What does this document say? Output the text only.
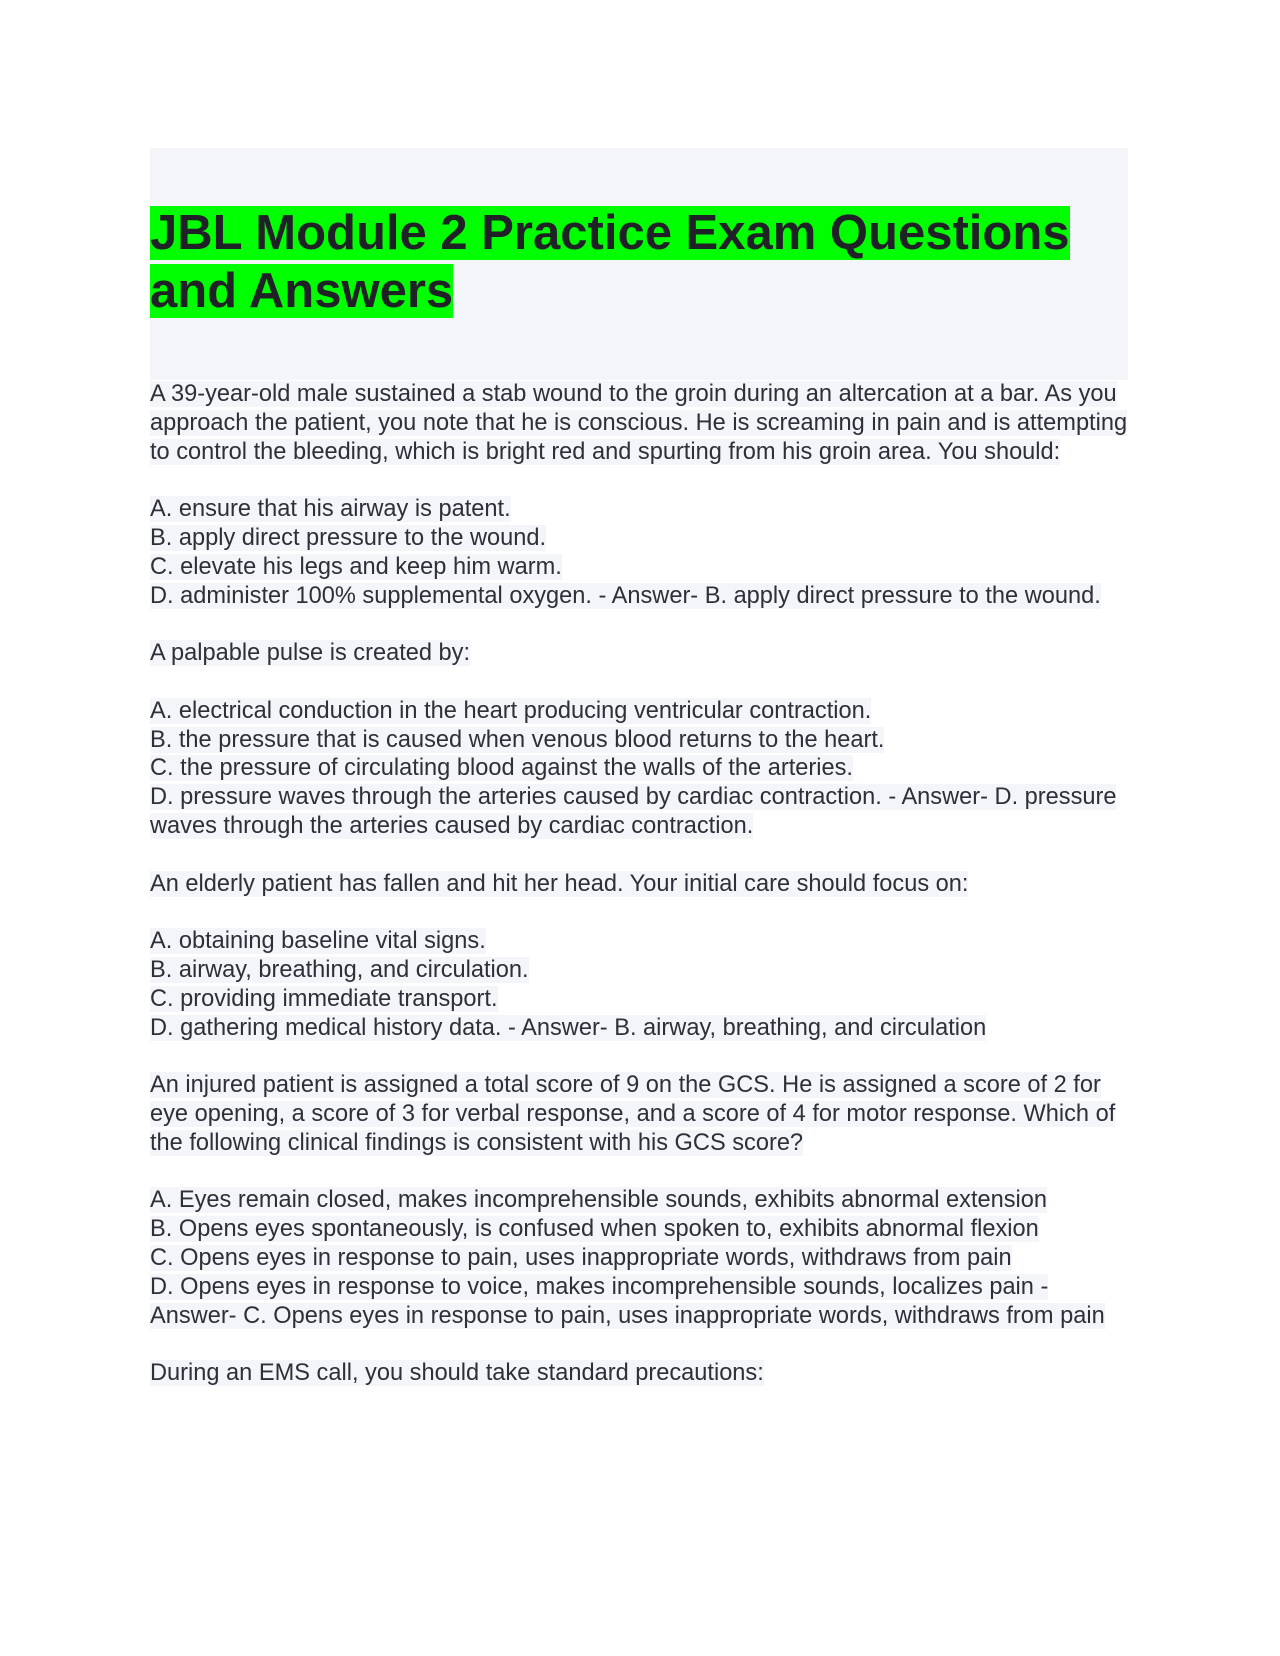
JBL Module 2 Practice Exam Questions and Answers
A 39-year-old male sustained a stab wound to the groin during an altercation at a bar. As you approach the patient, you note that he is conscious. He is screaming in pain and is attempting to control the bleeding, which is bright red and spurting from his groin area. You should:
A. ensure that his airway is patent.
B. apply direct pressure to the wound.
C. elevate his legs and keep him warm.
D. administer 100% supplemental oxygen. - Answer- B. apply direct pressure to the wound.
A palpable pulse is created by:
A. electrical conduction in the heart producing ventricular contraction.
B. the pressure that is caused when venous blood returns to the heart.
C. the pressure of circulating blood against the walls of the arteries.
D. pressure waves through the arteries caused by cardiac contraction. - Answer- D. pressure waves through the arteries caused by cardiac contraction.
An elderly patient has fallen and hit her head. Your initial care should focus on:
A. obtaining baseline vital signs.
B. airway, breathing, and circulation.
C. providing immediate transport.
D. gathering medical history data. - Answer- B. airway, breathing, and circulation
An injured patient is assigned a total score of 9 on the GCS. He is assigned a score of 2 for eye opening, a score of 3 for verbal response, and a score of 4 for motor response. Which of the following clinical findings is consistent with his GCS score?
A. Eyes remain closed, makes incomprehensible sounds, exhibits abnormal extension
B. Opens eyes spontaneously, is confused when spoken to, exhibits abnormal flexion
C. Opens eyes in response to pain, uses inappropriate words, withdraws from pain
D. Opens eyes in response to voice, makes incomprehensible sounds, localizes pain - Answer- C. Opens eyes in response to pain, uses inappropriate words, withdraws from pain
During an EMS call, you should take standard precautions:
